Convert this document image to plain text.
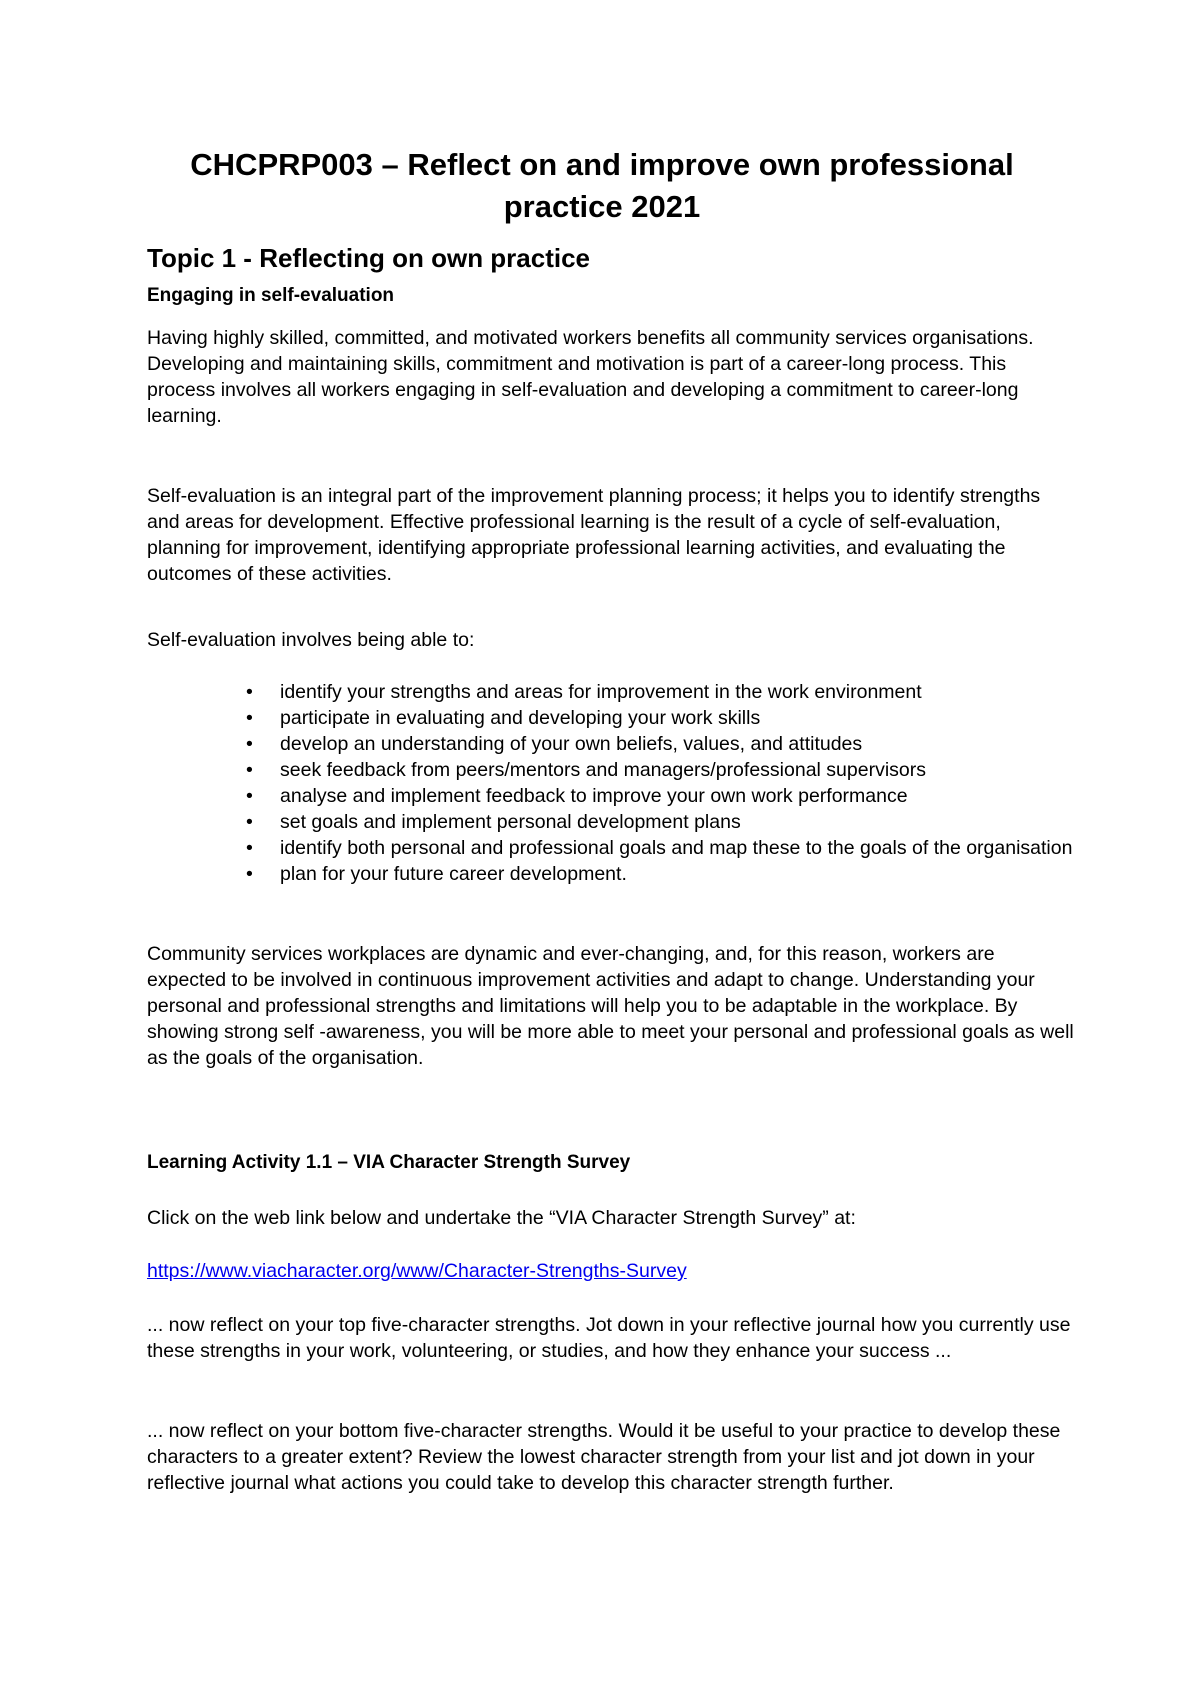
CHCPRP003 – Reflect on and improve own professional practice 2021
Topic 1 - Reflecting on own practice
Engaging in self-evaluation

Having highly skilled, committed, and motivated workers benefits all community services organisations. Developing and maintaining skills, commitment and motivation is part of a career-long process. This process involves all workers engaging in self-evaluation and developing a commitment to career-long learning.

Self-evaluation is an integral part of the improvement planning process; it helps you to identify strengths and areas for development. Effective professional learning is the result of a cycle of self-evaluation, planning for improvement, identifying appropriate professional learning activities, and evaluating the outcomes of these activities.

Self-evaluation involves being able to:

• identify your strengths and areas for improvement in the work environment
• participate in evaluating and developing your work skills
• develop an understanding of your own beliefs, values, and attitudes
• seek feedback from peers/mentors and managers/professional supervisors
• analyse and implement feedback to improve your own work performance
• set goals and implement personal development plans
• identify both personal and professional goals and map these to the goals of the organisation
• plan for your future career development.

Community services workplaces are dynamic and ever-changing, and, for this reason, workers are expected to be involved in continuous improvement activities and adapt to change. Understanding your personal and professional strengths and limitations will help you to be adaptable in the workplace. By showing strong self -awareness, you will be more able to meet your personal and professional goals as well as the goals of the organisation.

Learning Activity 1.1 – VIA Character Strength Survey

Click on the web link below and undertake the “VIA Character Strength Survey” at:

https://www.viacharacter.org/www/Character-Strengths-Survey

... now reflect on your top five-character strengths. Jot down in your reflective journal how you currently use these strengths in your work, volunteering, or studies, and how they enhance your success ...

... now reflect on your bottom five-character strengths. Would it be useful to your practice to develop these characters to a greater extent? Review the lowest character strength from your list and jot down in your reflective journal what actions you could take to develop this character strength further.
